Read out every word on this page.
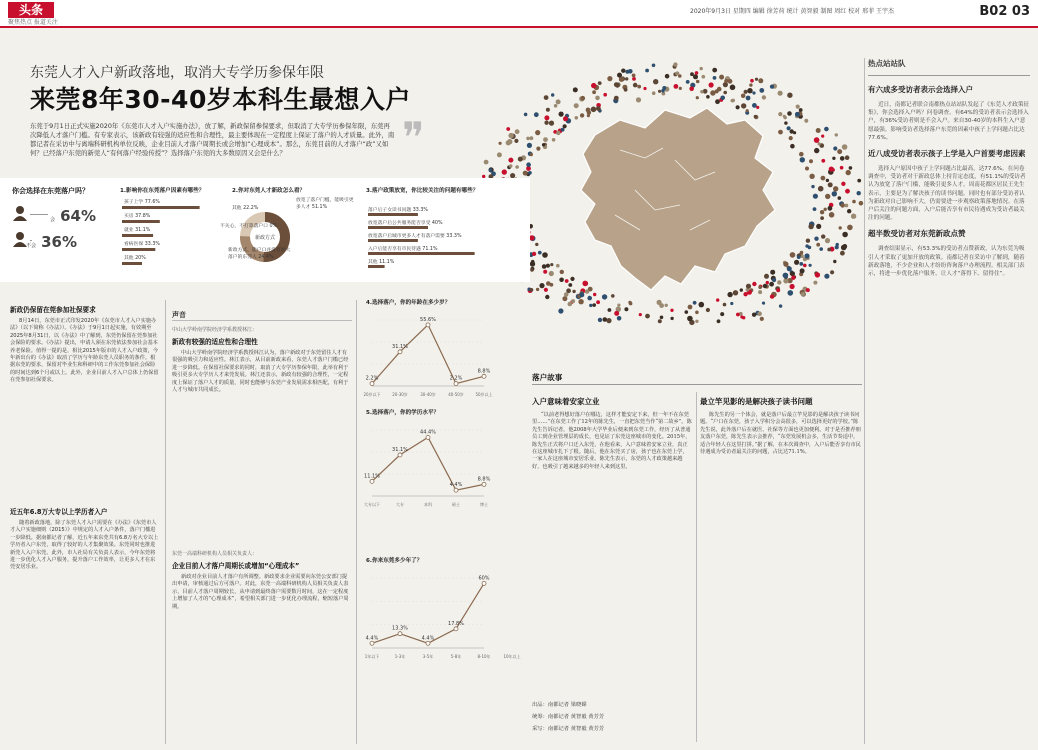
头条
聚焦热点 报道关注
2020年9月3日 星期四 编辑 徐芳荷 统计 黄智毅 制图 周红 校对 邢菲 王宇杰	B02 03
东莞人才入户新政落地，取消大专学历参保年限
来莞8年30-40岁本科生最想入户
东莞于9月1日正式实施2020年《东莞市人才入户实施办法》，放了解，新政保留参保要求，但取消了大专学历参保年限，东莞再次降低人才落户门槛。有专家表示，该新政有较强的适应性和合理性，最主要体现在一定程度上保证了落户的人才质量。此外，南都记者在采访中与离端科研机构单位反映，企业目前人才落户周期长或会增加“心理成本”。那么，东莞目前的人才落户“政”又如何？已经落户东莞的新莞人“有何落户经验传授”？选择落户东莞的大多数原因又会是什么？	❞
你会选择在东莞落户吗？
会 64%
不会 36%
1.影响你在东莞落户因素有哪些？
孩子上学 77.6%
买房 37.8%
就业 31.1%
看病医保 33.3%
其他 20%
2.你对东莞人才新政怎么看？
新政方式
其他 22.2%
不关心，不打算落户口 0%
放宽了落户门槛，能吸引更多人才 51.1%
新政方式，能户口并没有加大落户的东莞人 24.4%
3.落户政策放宽，你比较关注的问题有哪些？
落户后子女读书问题 33.3%
放宽落户后公共服务能否享受 40%
放宽落户后城市更多人才有落户需要 33.3%
入户后能否享有市民待遇 71.1%
其他 11.1%
新政仍保留在莞参加社保要求
8月14日，东莞市正式印发2020年《东莞市人才入户实施办法》（以下简称《办法》）。《办法》于9月1日起实施，有效期至2025年8月31日，以《办法》中了解到，东莞仍保留在莞参加社会保险的要求。《办法》提出，申请人须在东莞依法参加社会基本养老保险。值得一提的是，相比2015年版市的人才入户政策，今年新出台的《办法》取消了学历与年龄东莞人员职务的条件。根据东莞的要求，保留对毕业生和科研中的工作东莞参加社会保险的时间达到6个月或以上。此外，企业目前人才入户总体上仍保留在莞参加社保要求。
近五年6.8万大专以上学历者入户
随着新政落地，除了东莞人才入户需要在《办法》《东莞市人才入户实施细则（2015）》中规定的人才入户条件，落户门槛进一步降低。据南都记者了解，近五年来东莞共有6.8万名大专以上学历者入户东莞，取得了较好的人才集聚效果。东莞同时也推进新莞人入户东莞。此外，市人社局有关负责人表示，今年东莞将进一步优化人才入户服务，提升落户工作效率，让更多人才在东莞安居乐业。
声音
中山大学岭南学院经济学系教授林江：
新政有较强的适应性和合理性
中山大学岭南学院经济学系教授林江认为，落户新政对于东莞留住人才有很强的吸引力和适应性。林江表示，从目前新政来看，东莞人才落户门槛已经进一步降低。在保留社保要求的同时，取消了大专学历参保年限，此举有利于吸引更多大专学历人才来莞发展。林江还表示，新政有较强的合理性，一定程度上保证了落户人才的质量，同时也能够与东莞产业发展需求相匹配，有利于人才与城市共同成长。
东莞一高端科研机构人员相关负责人：
企业目前人才落户周期长或增加“心理成本”
新政对企业目前人才落户有所调整。新政要求企业需要向东莞公安部门提出申请，审核通过后方可落户。对此，东莞一高端科研机构人员相关负责人表示，目前人才落户周期较长，从申请到最终落户需要数月时间，这在一定程度上增加了人才的“心理成本”，希望相关部门进一步优化办理流程，缩短落户周期。
4.选择落户，你的年龄在多少岁？
2.2%
31.1%
55.6%
2.2%
8.8%
20岁以下	20-30岁	30-40岁	40-50岁	50岁以上
5.选择落户，你的学历水平？
11.1%
31.1%
44.4%
4.4%
8.8%
大专以下	大专	本科	硕士	博士
6.你来东莞多少年了？
4.4%
13.3%
4.4%
17.8%
60%
1年以下	1-3年	3-5年	5-8年	8-10年	10年以上
落户故事
入户意味着安家立业
“以前老得想好落户在哪边，这样才能安定下来，但一年不在东莞里……”在东莞工作了12年的陈先生，一直把东莞当作“第二故乡”。陈先生告诉记者，他2008年大学毕业后便来到东莞工作，经历了从普通员工到企业管理层的成长，也见证了东莞这座城市的变化。2015年，陈先生正式将户口迁入东莞，在他看来，入户意味着安家立业，真正在这座城市扎下了根。随后，他在东莞买了房，孩子也在东莞上学，一家人在这座城市安居乐业。陈先生表示，东莞的人才政策越来越好，也吸引了越来越多的年轻人来到这里。
最立竿见影的是解决孩子读书问题
陈先生的另一个体会，就是落户后最立竿见影的是解决孩子读书问题。“户口在东莞，孩子入学积分会高很多，可以选择更好的学校。”陈先生说，此外落户后在就医、社保等方面也更加便利。对于是否推荐朋友落户东莞，陈先生表示会推荐，“东莞发展机会多，生活节奏适中，适合年轻人在这里打拼。”据了解，在本次调查中，入户后能否享有市民待遇成为受访者最关注的问题，占比达71.1%。
出品：南都记者 梁晓嫦
统筹：南都记者 黄智毅 黄芳芳
采写：南都记者 黄智毅 黄芳芳
热点站站队
有六成多受访者表示会选择入户
近日，南都记者联合南都热点站站队发起了《东莞人才政策征集》，你会选择入户吗？问卷调查。有64%的受访者表示会选择入户，有36%受访者则是不会入户。来自30-40岁的本科生入户意愿最强。影响受访者选择落户东莞的因素中孩子上学问题占比达77.6%。
近八成受访者表示孩子上学是入户首要考虑因素
选择入户原因中孩子上学问题占比最高，达77.6%。在问卷调查中，受访者对于新政总体上持肯定态度，有51.1%的受访者认为放宽了落户门槛，能吸引更多人才。周南花都区居民王先生表示，主要是为了解决孩子的读书问题。同时也有部分受访者认为新政对自己影响不大，仍需要进一步观察政策落地情况。在落户后关注的问题方面，入户后能否享有市民待遇成为受访者最关注的问题。
超半数受访者对东莞新政点赞
调查结果显示，有53.3%的受访者点赞新政，认为东莞为吸引人才采取了更加开放的政策。南都记者在采访中了解到，随着新政落地，不少企业和人才纷纷咨询落户办理流程。相关部门表示，将进一步优化落户服务，让人才“落得下、留得住”。
